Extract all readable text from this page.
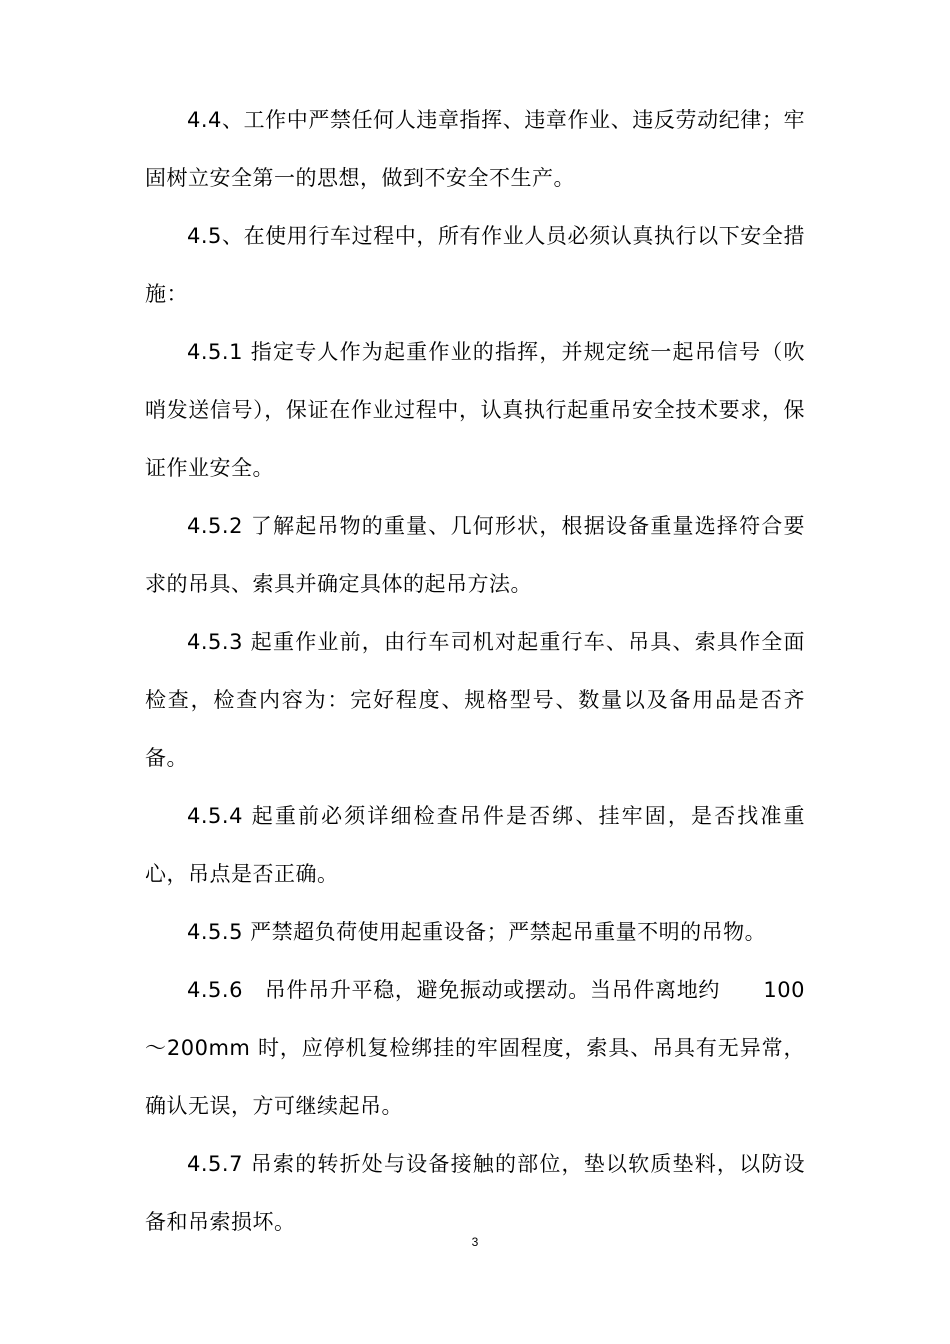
4.4、工作中严禁任何人违章指挥、违章作业、违反劳动纪律；牢固树立安全第一的思想，做到不安全不生产。

4.5、在使用行车过程中，所有作业人员必须认真执行以下安全措施：

4.5.1 指定专人作为起重作业的指挥，并规定统一起吊信号（吹哨发送信号），保证在作业过程中，认真执行起重吊安全技术要求，保证作业安全。

4.5.2 了解起吊物的重量、几何形状，根据设备重量选择符合要求的吊具、索具并确定具体的起吊方法。

4.5.3 起重作业前，由行车司机对起重行车、吊具、索具作全面检查，检查内容为：完好程度、规格型号、数量以及备用品是否齐备。

4.5.4 起重前必须详细检查吊件是否绑、挂牢固，是否找准重心，吊点是否正确。

4.5.5 严禁超负荷使用起重设备；严禁起吊重量不明的吊物。

4.5.6　吊件吊升平稳，避免振动或摆动。当吊件离地约　　100～200mm 时，应停机复检绑挂的牢固程度，索具、吊具有无异常，确认无误，方可继续起吊。

4.5.7 吊索的转折处与设备接触的部位，垫以软质垫料，以防设备和吊索损坏。

3
